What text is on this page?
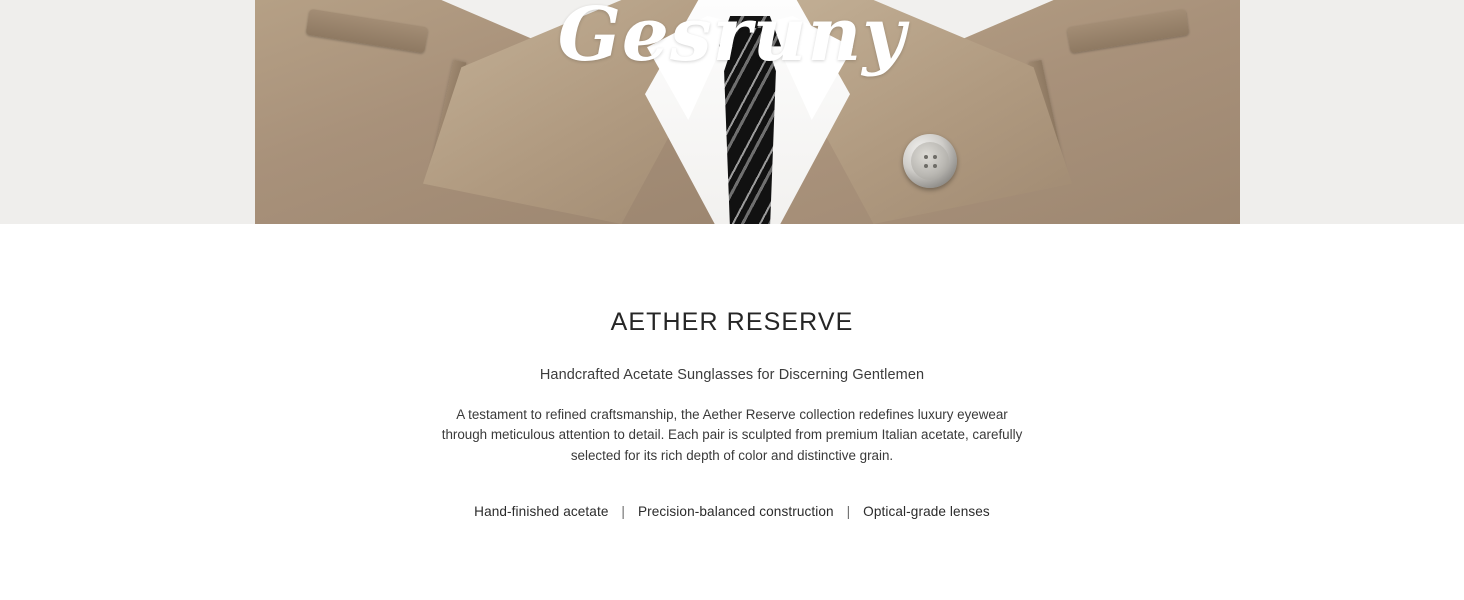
Gesruny
AETHER RESERVE
Handcrafted Acetate Sunglasses for Discerning Gentlemen

A testament to refined craftsmanship, the Aether Reserve collection redefines luxury eyewear through meticulous attention to detail. Each pair is sculpted from premium Italian acetate, carefully selected for its rich depth of color and distinctive grain.

Hand-finished acetate | Precision-balanced construction | Optical-grade lenses
